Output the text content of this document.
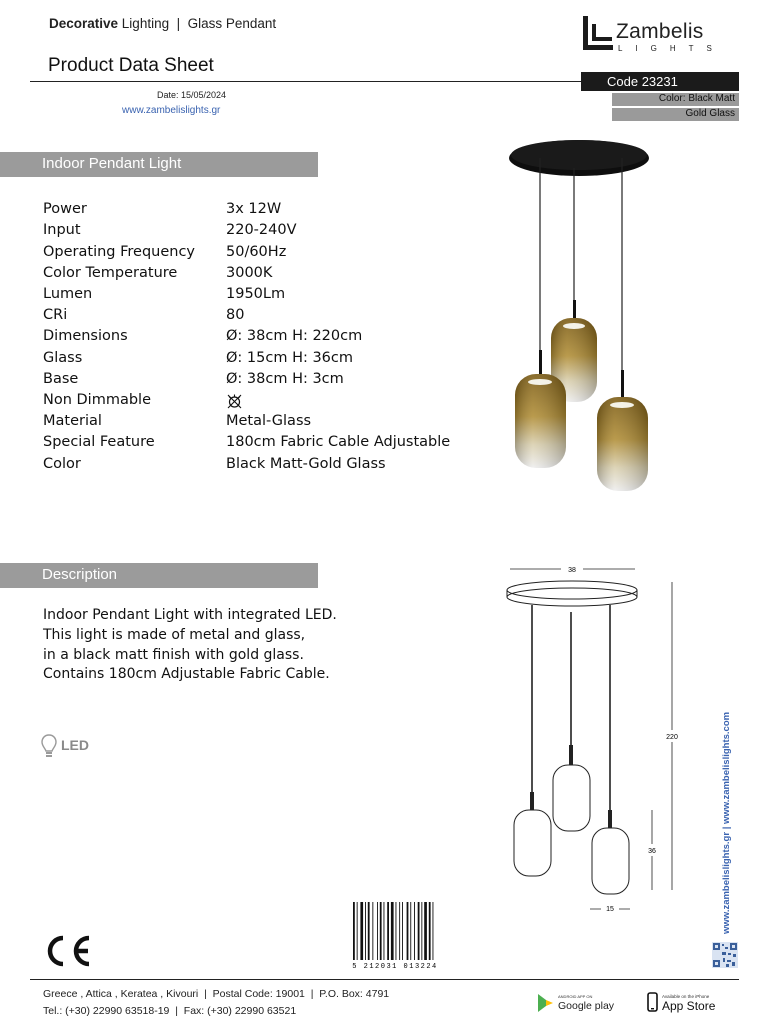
Decorative Lighting  |  Glass Pendant
Product Data Sheet
Date: 15/05/2024
www.zambelislights.gr
Zambelis
LIGHTS
Code 23231
Color: Black Matt
Gold Glass
Indoor Pendant Light
Power	3x 12W
Input	220-240V
Operating Frequency 50/60Hz
Color Temperature	3000K
Lumen	1950Lm
CRi	80
Dimensions	Ø: 38cm H: 220cm
Glass	Ø: 15cm H: 36cm
Base	Ø: 38cm H: 3cm
Non Dimmable
Material	Metal-Glass
Special Feature	180cm Fabric Cable Adjustable
Color	Black Matt-Gold Glass
Description
Indoor Pendant Light with integrated LED.
This light is made of metal and glass,
in a black matt finish with gold glass.
Contains 180cm Adjustable Fabric Cable.
LED
38
220
36
15	www.zambelislights.gr | www.zambelislights.com
5 212031 013224
Greece , Attica , Keratea , Kivouri  |  Postal Code: 19001  |  P.O. Box: 4791
Tel.: (+30) 22990 63518-19  |  Fax: (+30) 22990 63521
ANDROID APP ON
Google play
Available on the iPhone
App Store
